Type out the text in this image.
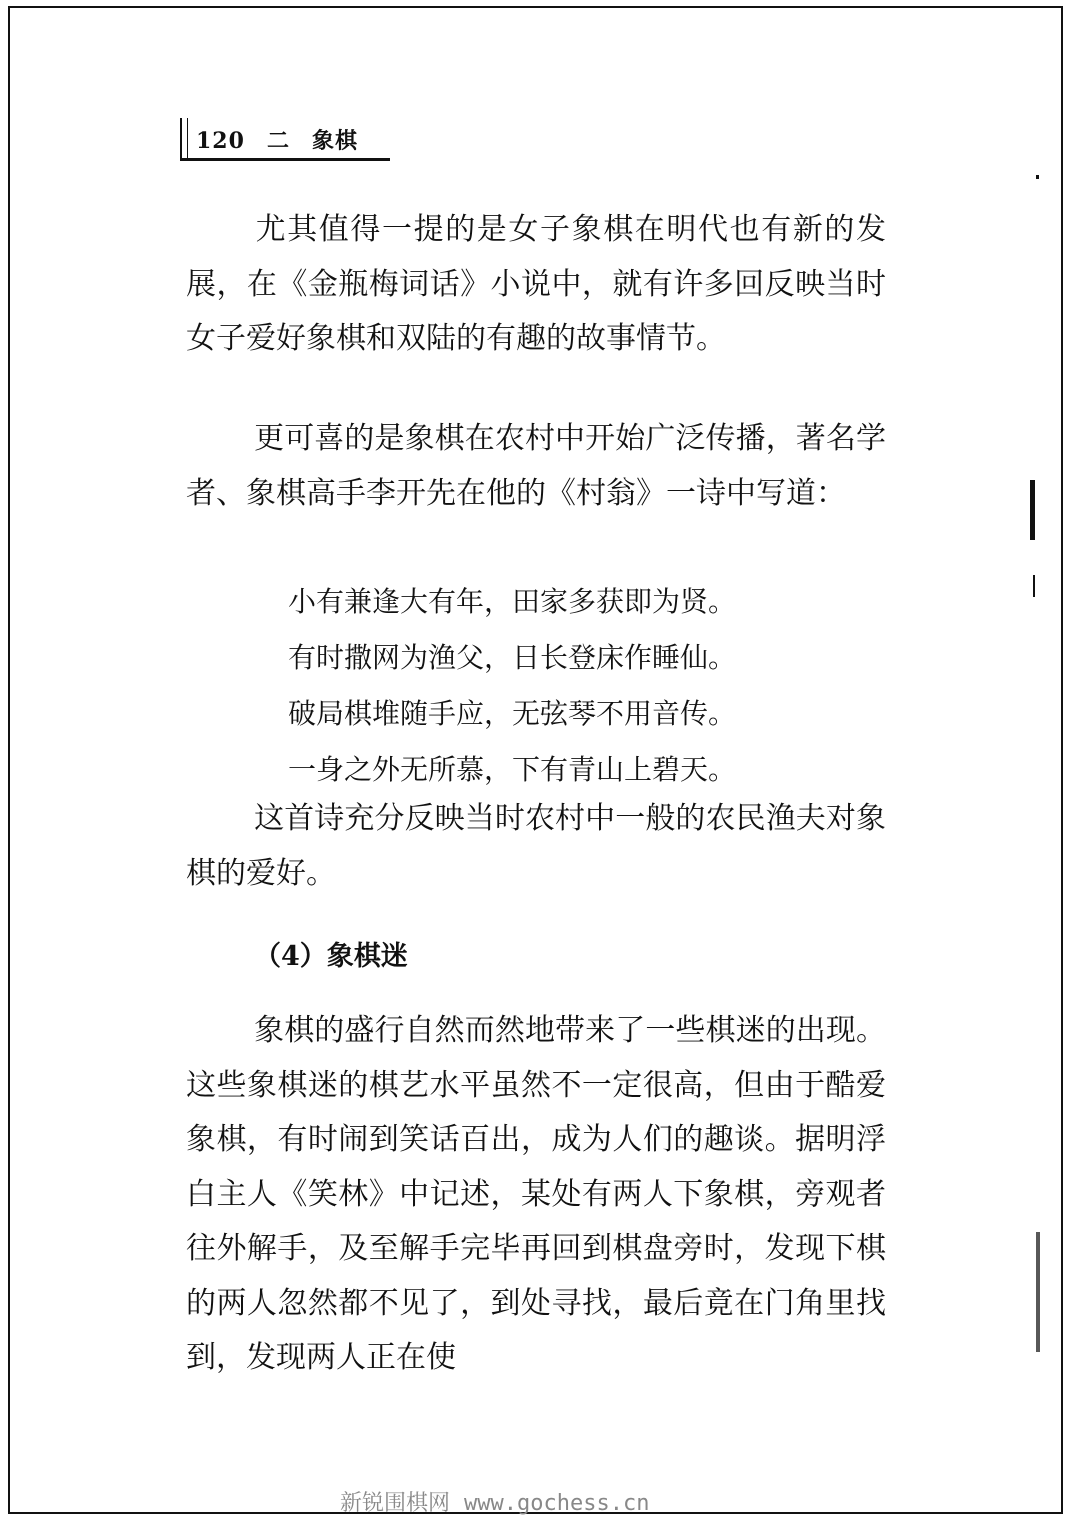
120 二 象棋

尤其值得一提的是女子象棋在明代也有新的发展，在《金瓶梅词话》小说中，就有许多回反映当时女子爱好象棋和双陆的有趣的故事情节。

更可喜的是象棋在农村中开始广泛传播，著名学者、象棋高手李开先在他的《村翁》一诗中写道：

小有兼逢大有年，田家多获即为贤。
有时撒网为渔父，日长登床作睡仙。
破局棋堆随手应，无弦琴不用音传。
一身之外无所慕，下有青山上碧天。

这首诗充分反映当时农村中一般的农民渔夫对象棋的爱好。

（4）象棋迷

象棋的盛行自然而然地带来了一些棋迷的出现。这些象棋迷的棋艺水平虽然不一定很高，但由于酷爱象棋，有时闹到笑话百出，成为人们的趣谈。据明浮白主人《笑林》中记述，某处有两人下象棋，旁观者往外解手，及至解手完毕再回到棋盘旁时，发现下棋的两人忽然都不见了，到处寻找，最后竟在门角里找到，发现两人正在使

新锐围棋网 www.gochess.cn
